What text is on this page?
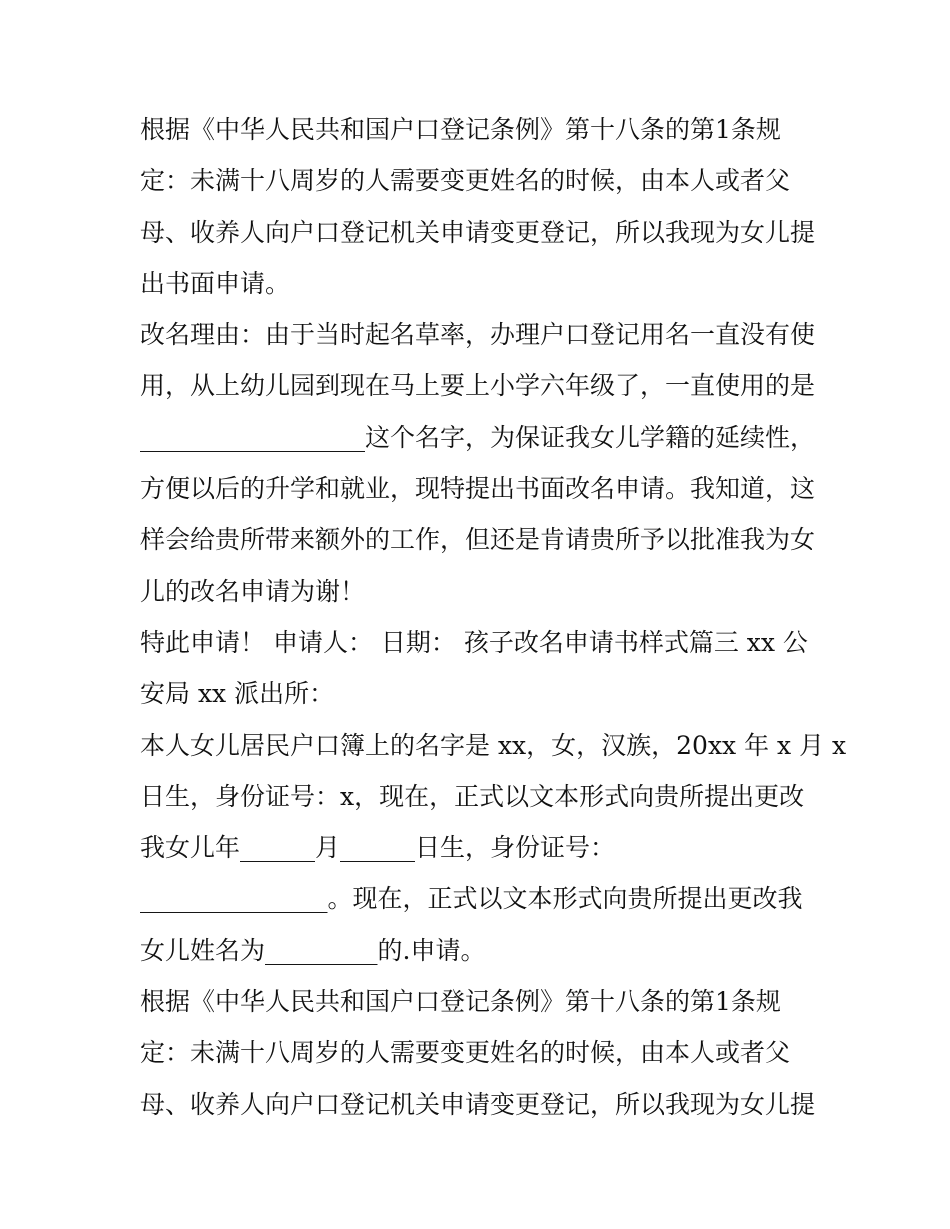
根据《中华人民共和国户口登记条例》第十八条的第1条规
定：未满十八周岁的人需要变更姓名的时候，由本人或者父
母、收养人向户口登记机关申请变更登记，所以我现为女儿提
出书面申请。
改名理由：由于当时起名草率，办理户口登记用名一直没有使
用，从上幼儿园到现在马上要上小学六年级了，一直使用的是
__________________这个名字，为保证我女儿学籍的延续性，
方便以后的升学和就业，现特提出书面改名申请。我知道，这
样会给贵所带来额外的工作，但还是肯请贵所予以批准我为女
儿的改名申请为谢！
特此申请！ 申请人： 日期： 孩子改名申请书样式篇三 xx 公
安局 xx 派出所：
本人女儿居民户口簿上的名字是 xx，女，汉族，20xx 年 x 月 x
日生，身份证号：x，现在，正式以文本形式向贵所提出更改
我女儿年______月______日生，身份证号：
_______________。现在，正式以文本形式向贵所提出更改我
女儿姓名为_________的.申请。
根据《中华人民共和国户口登记条例》第十八条的第1条规
定：未满十八周岁的人需要变更姓名的时候，由本人或者父
母、收养人向户口登记机关申请变更登记，所以我现为女儿提
